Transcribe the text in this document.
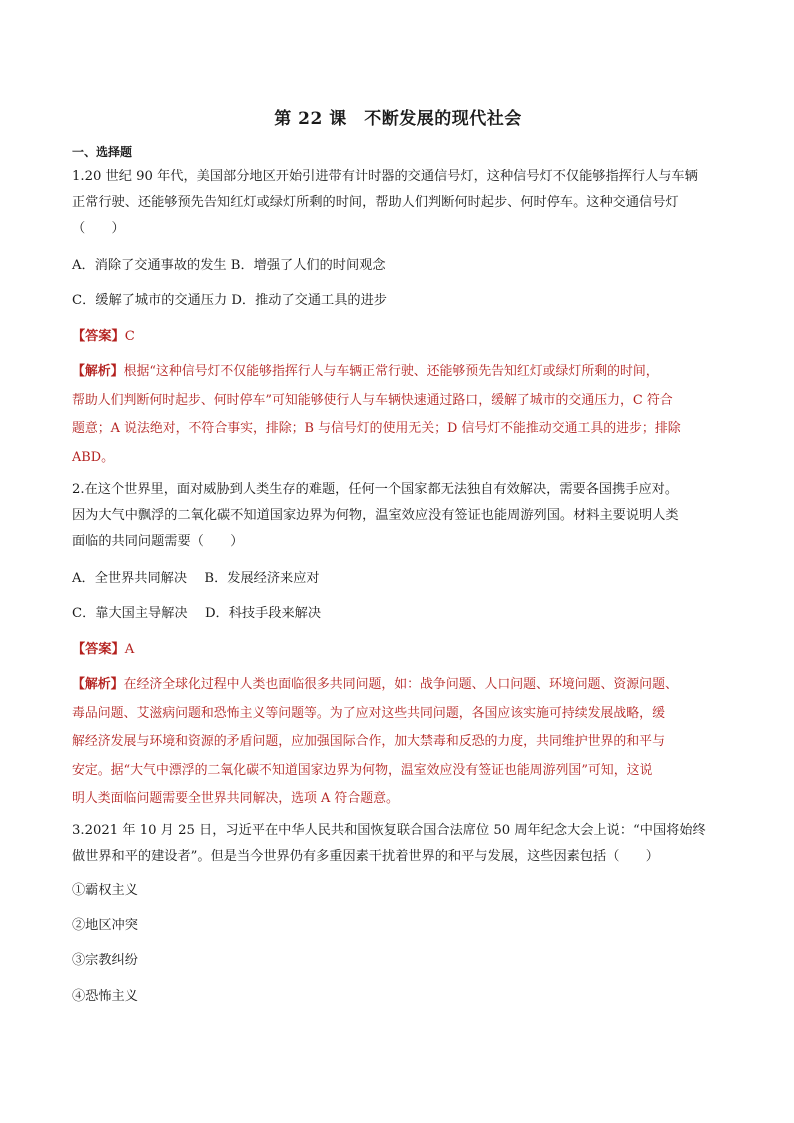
第 22 课　不断发展的现代社会
一、选择题
1.20 世纪 90 年代，美国部分地区开始引进带有计时器的交通信号灯，这种信号灯不仅能够指挥行人与车辆
正常行驶、还能够预先告知红灯或绿灯所剩的时间，帮助人们判断何时起步、何时停车。这种交通信号灯
（　　）
A．消除了交通事故的发生 B．增强了人们的时间观念
C．缓解了城市的交通压力 D．推动了交通工具的进步
【答案】C
【解析】根据“这种信号灯不仅能够指挥行人与车辆正常行驶、还能够预先告知红灯或绿灯所剩的时间，
帮助人们判断何时起步、何时停车”可知能够使行人与车辆快速通过路口，缓解了城市的交通压力，C 符合
题意；A 说法绝对，不符合事实，排除；B 与信号灯的使用无关；D 信号灯不能推动交通工具的进步；排除
ABD。
2.在这个世界里，面对威胁到人类生存的难题，任何一个国家都无法独自有效解决，需要各国携手应对。
因为大气中飘浮的二氧化碳不知道国家边界为何物，温室效应没有签证也能周游列国。材料主要说明人类
面临的共同问题需要（　　）
A．全世界共同解决　 B．发展经济来应对
C．靠大国主导解决　 D．科技手段来解决
【答案】A
【解析】在经济全球化过程中人类也面临很多共同问题，如：战争问题、人口问题、环境问题、资源问题、
毒品问题、艾滋病问题和恐怖主义等问题等。为了应对这些共同问题，各国应该实施可持续发展战略，缓
解经济发展与环境和资源的矛盾问题，应加强国际合作，加大禁毒和反恐的力度，共同维护世界的和平与
安定。据“大气中漂浮的二氧化碳不知道国家边界为何物，温室效应没有签证也能周游列国”可知，这说
明人类面临问题需要全世界共同解决，选项 A 符合题意。
3.2021 年 10 月 25 日，习近平在中华人民共和国恢复联合国合法席位 50 周年纪念大会上说：“中国将始终
做世界和平的建设者”。但是当今世界仍有多重因素干扰着世界的和平与发展，这些因素包括（　　）
①霸权主义
②地区冲突
③宗教纠纷
④恐怖主义
